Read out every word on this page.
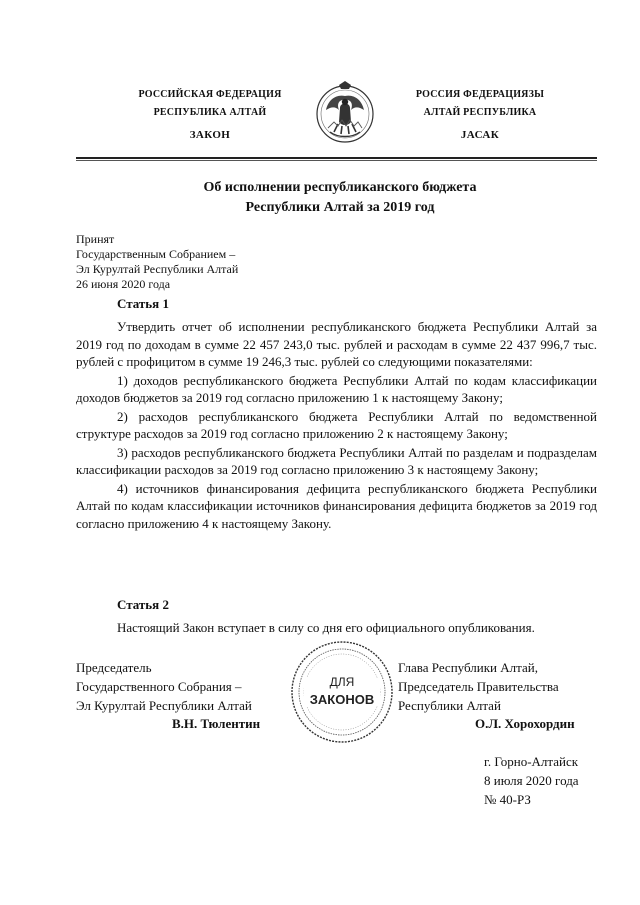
РОССИЙСКАЯ ФЕДЕРАЦИЯ
РЕСПУБЛИКА АЛТАЙ
ЗАКОН
РОССИЯ ФЕДЕРАЦИЯЗЫ
АЛТАЙ РЕСПУБЛИКА
JАСАК
Об исполнении республиканского бюджета
Республики Алтай за 2019 год
Принят
Государственным Собранием –
Эл Курултай Республики Алтай
26 июня 2020 года
Статья 1

Утвердить отчет об исполнении республиканского бюджета Республики Алтай за 2019 год по доходам в сумме 22 457 243,0 тыс. рублей и расходам в сумме 22 437 996,7 тыс. рублей с профицитом в сумме 19 246,3 тыс. рублей со следующими показателями:

1) доходов республиканского бюджета Республики Алтай по кодам классификации доходов бюджетов за 2019 год согласно приложению 1 к настоящему Закону;

2) расходов республиканского бюджета Республики Алтай по ведомственной структуре расходов за 2019 год согласно приложению 2 к настоящему Закону;

3) расходов республиканского бюджета Республики Алтай по разделам и подразделам классификации расходов за 2019 год согласно приложению 3 к настоящему Закону;

4) источников финансирования дефицита республиканского бюджета Республики Алтай по кодам классификации источников финансирования дефицита бюджетов за 2019 год согласно приложению 4 к настоящему Закону.

Статья 2

Настоящий Закон вступает в силу со дня его официального опубликования.

Председатель
Государственного Собрания –
Эл Курултай Республики Алтай
В.Н. Тюлентин
ДЛЯ
ЗАКОНОВ
Глава Республики Алтай,
Председатель Правительства
Республики Алтай
О.Л. Хорохордин
г. Горно-Алтайск
8 июля 2020 года
№ 40-РЗ
